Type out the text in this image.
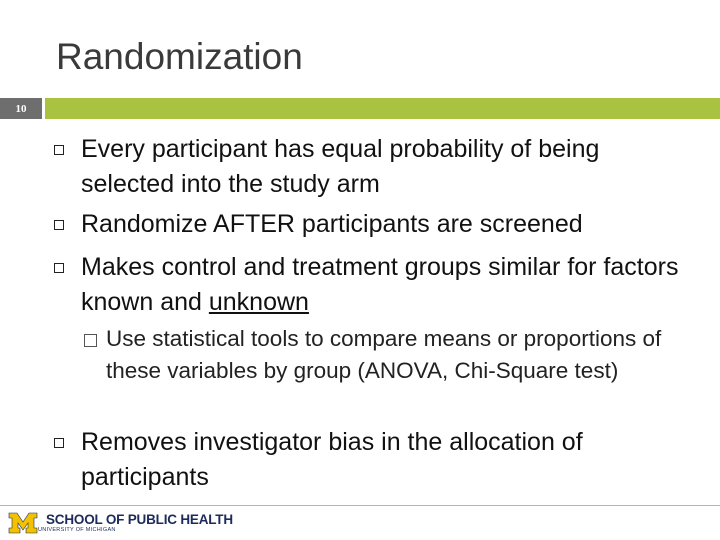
Randomization
10
Every participant has equal probability of being selected into the study arm
Randomize AFTER participants are screened
Makes control and treatment groups similar for factors known and unknown
Use statistical tools to compare means or proportions of these variables by group (ANOVA, Chi-Square test)
Removes investigator bias in the allocation of participants
SCHOOL OF PUBLIC HEALTH
UNIVERSITY OF MICHIGAN
